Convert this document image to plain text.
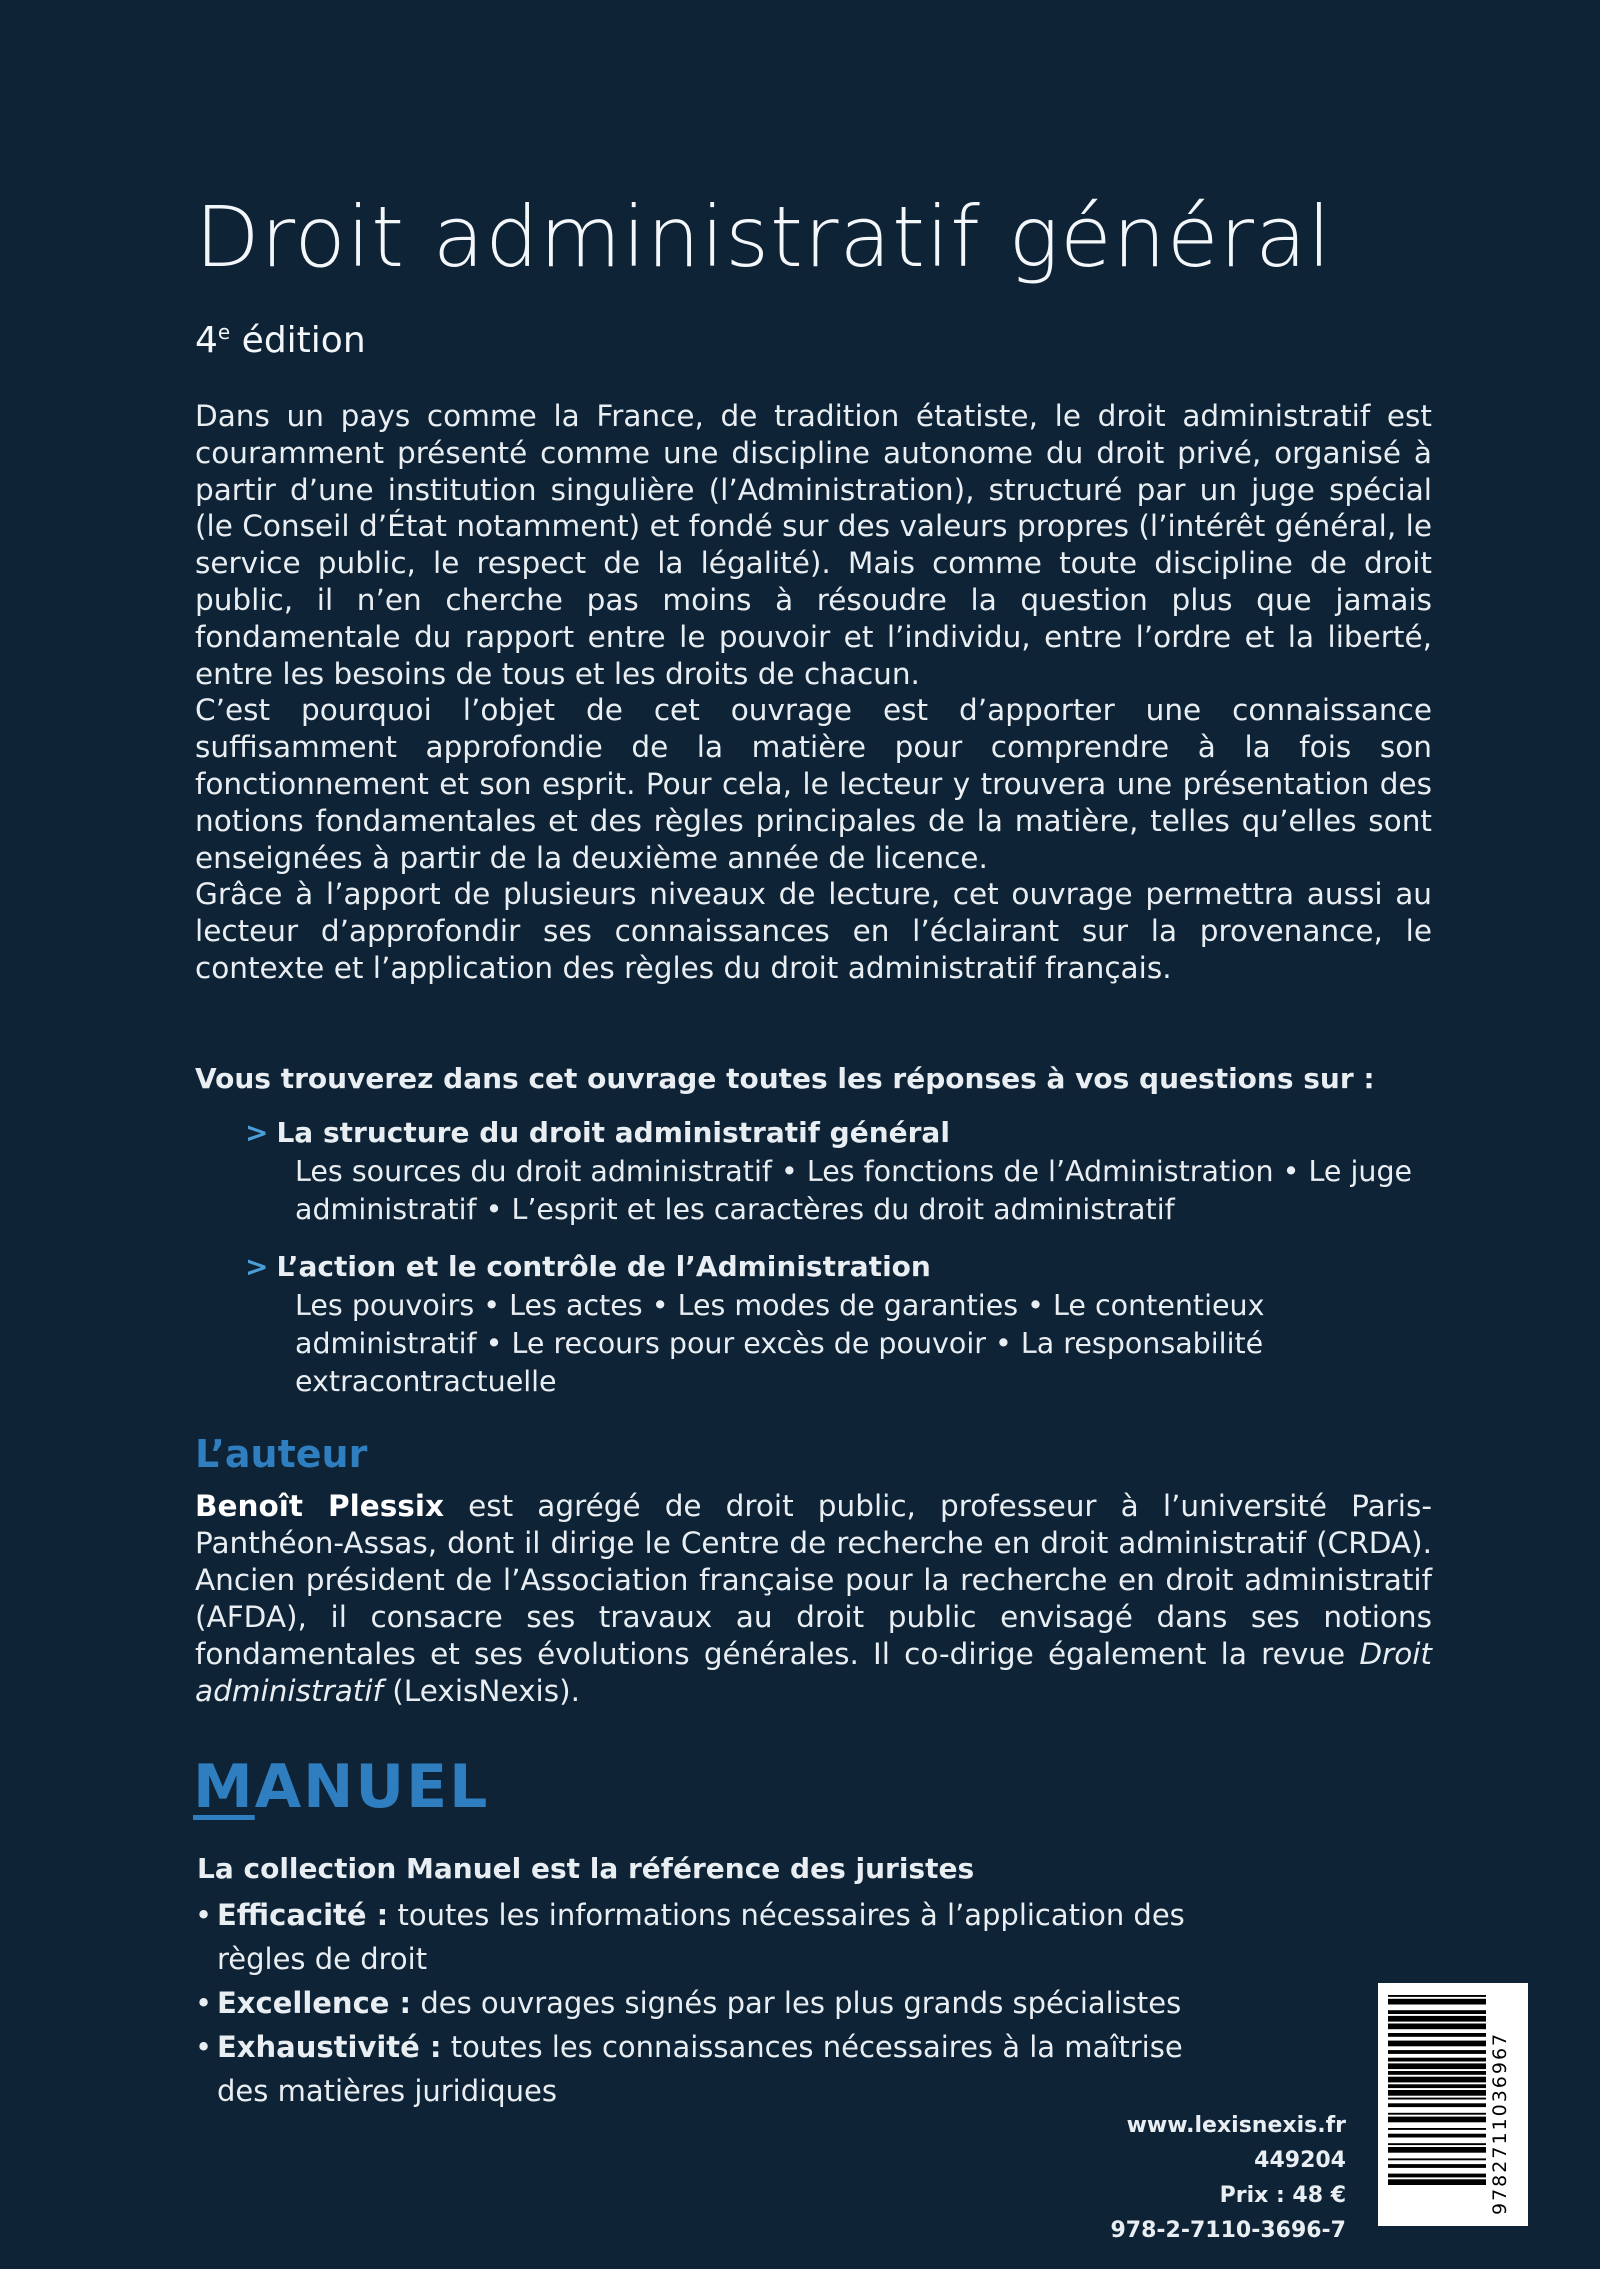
Droit administratif général
4e édition

Dans un pays comme la France, de tradition étatiste, le droit administratif est couramment présenté comme une discipline autonome du droit privé, organisé à partir d’une institution singulière (l’Administration), structuré par un juge spécial (le Conseil d’État notamment) et fondé sur des valeurs propres (l’intérêt général, le service public, le respect de la légalité). Mais comme toute discipline de droit public, il n’en cherche pas moins à résoudre la question plus que jamais fondamentale du rapport entre le pouvoir et l’individu, entre l’ordre et la liberté, entre les besoins de tous et les droits de chacun.

C’est pourquoi l’objet de cet ouvrage est d’apporter une connaissance suffisamment approfondie de la matière pour comprendre à la fois son fonctionnement et son esprit. Pour cela, le lecteur y trouvera une présentation des notions fondamentales et des règles principales de la matière, telles qu’elles sont enseignées à partir de la deuxième année de licence.

Grâce à l’apport de plusieurs niveaux de lecture, cet ouvrage permettra aussi au lecteur d’approfondir ses connaissances en l’éclairant sur la provenance, le contexte et l’application des règles du droit administratif français.

Vous trouverez dans cet ouvrage toutes les réponses à vos questions sur :
> La structure du droit administratif général
Les sources du droit administratif • Les fonctions de l’Administration • Le juge administratif • L’esprit et les caractères du droit administratif
> L’action et le contrôle de l’Administration
Les pouvoirs • Les actes • Les modes de garanties • Le contentieux administratif • Le recours pour excès de pouvoir • La responsabilité extracontractuelle
L’auteur
Benoît Plessix est agrégé de droit public, professeur à l’université Paris-Panthéon-Assas, dont il dirige le Centre de recherche en droit administratif (CRDA). Ancien président de l’Association française pour la recherche en droit administratif (AFDA), il consacre ses travaux au droit public envisagé dans ses notions fondamentales et ses évolutions générales. Il co-dirige également la revue Droit administratif (LexisNexis).
MANUEL
La collection Manuel est la référence des juristes
• Efficacité : toutes les informations nécessaires à l’application des règles de droit
• Excellence : des ouvrages signés par les plus grands spécialistes
• Exhaustivité : toutes les connaissances nécessaires à la maîtrise des matières juridiques
www.lexisnexis.fr
449204
Prix : 48 €
978-2-7110-3696-7
9782711036967
